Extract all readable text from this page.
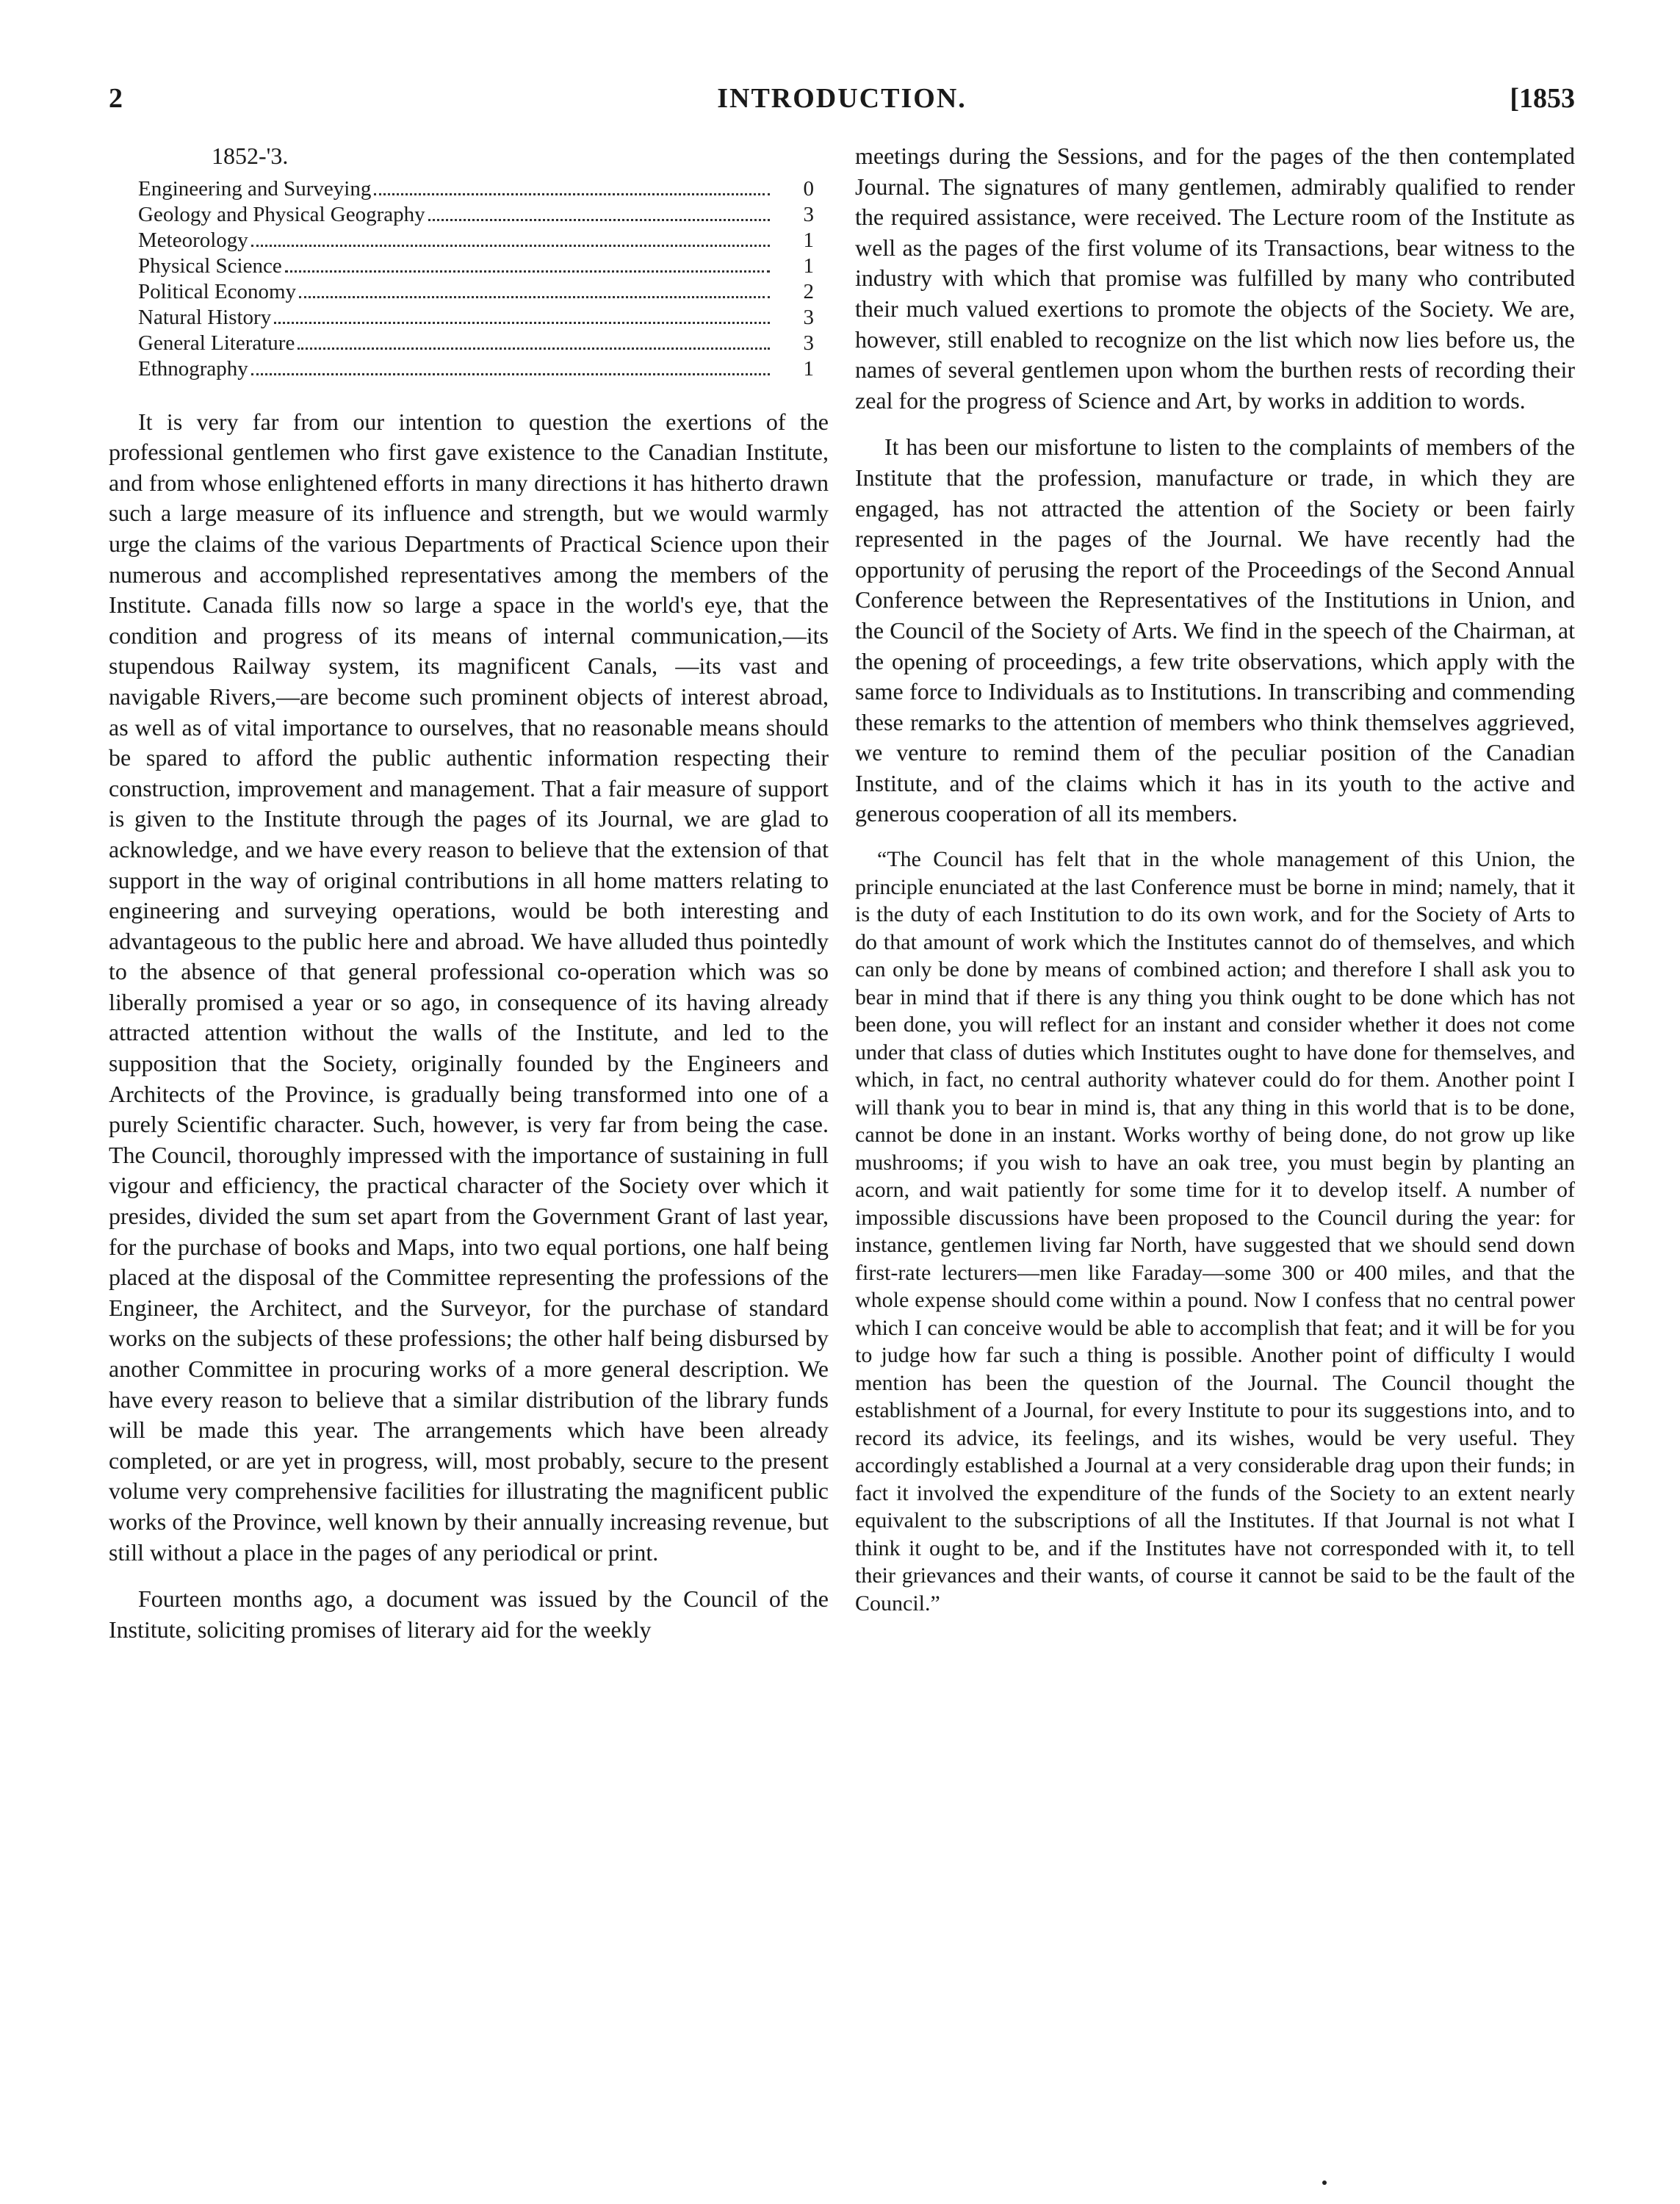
2	INTRODUCTION.	[1853
1852-'3.
Engineering and Surveying	0
Geology and Physical Geography	3
Meteorology	1
Physical Science	1
Political Economy	2
Natural History	3
General Literature	3
Ethnography	1

It is very far from our intention to question the exertions of the professional gentlemen who first gave existence to the Canadian Institute, and from whose enlightened efforts in many directions it has hitherto drawn such a large measure of its influence and strength, but we would warmly urge the claims of the various Departments of Practical Science upon their numerous and accomplished representatives among the members of the Institute. Canada fills now so large a space in the world's eye, that the condition and progress of its means of internal communication,—its stupendous Railway system, its magnificent Canals, —its vast and navigable Rivers,—are become such prominent objects of interest abroad, as well as of vital importance to ourselves, that no reasonable means should be spared to afford the public authentic information respecting their construction, improvement and management. That a fair measure of support is given to the Institute through the pages of its Journal, we are glad to acknowledge, and we have every reason to believe that the extension of that support in the way of original contributions in all home matters relating to engineering and surveying operations, would be both interesting and advantageous to the public here and abroad. We have alluded thus pointedly to the absence of that general professional co-operation which was so liberally promised a year or so ago, in consequence of its having already attracted attention without the walls of the Institute, and led to the supposition that the Society, originally founded by the Engineers and Architects of the Province, is gradually being transformed into one of a purely Scientific character. Such, however, is very far from being the case. The Council, thoroughly impressed with the importance of sustaining in full vigour and efficiency, the practical character of the Society over which it presides, divided the sum set apart from the Government Grant of last year, for the purchase of books and Maps, into two equal portions, one half being placed at the disposal of the Committee representing the professions of the Engineer, the Architect, and the Surveyor, for the purchase of standard works on the subjects of these professions; the other half being disbursed by another Committee in procuring works of a more general description. We have every reason to believe that a similar distribution of the library funds will be made this year. The arrangements which have been already completed, or are yet in progress, will, most probably, secure to the present volume very comprehensive facilities for illustrating the magnificent public works of the Province, well known by their annually increasing revenue, but still without a place in the pages of any periodical or print.

Fourteen months ago, a document was issued by the Council of the Institute, soliciting promises of literary aid for the weekly

meetings during the Sessions, and for the pages of the then contemplated Journal. The signatures of many gentlemen, admirably qualified to render the required assistance, were received. The Lecture room of the Institute as well as the pages of the first volume of its Transactions, bear witness to the industry with which that promise was fulfilled by many who contributed their much valued exertions to promote the objects of the Society. We are, however, still enabled to recognize on the list which now lies before us, the names of several gentlemen upon whom the burthen rests of recording their zeal for the progress of Science and Art, by works in addition to words.

It has been our misfortune to listen to the complaints of members of the Institute that the profession, manufacture or trade, in which they are engaged, has not attracted the attention of the Society or been fairly represented in the pages of the Journal. We have recently had the opportunity of perusing the report of the Proceedings of the Second Annual Conference between the Representatives of the Institutions in Union, and the Council of the Society of Arts. We find in the speech of the Chairman, at the opening of proceedings, a few trite observations, which apply with the same force to Individuals as to Institutions. In transcribing and commending these remarks to the attention of members who think themselves aggrieved, we venture to remind them of the peculiar position of the Canadian Institute, and of the claims which it has in its youth to the active and generous cooperation of all its members.

“The Council has felt that in the whole management of this Union, the principle enunciated at the last Conference must be borne in mind; namely, that it is the duty of each Institution to do its own work, and for the Society of Arts to do that amount of work which the Institutes cannot do of themselves, and which can only be done by means of combined action; and therefore I shall ask you to bear in mind that if there is any thing you think ought to be done which has not been done, you will reflect for an instant and consider whether it does not come under that class of duties which Institutes ought to have done for themselves, and which, in fact, no central authority whatever could do for them. Another point I will thank you to bear in mind is, that any thing in this world that is to be done, cannot be done in an instant. Works worthy of being done, do not grow up like mushrooms; if you wish to have an oak tree, you must begin by planting an acorn, and wait patiently for some time for it to develop itself. A number of impossible discussions have been proposed to the Council during the year: for instance, gentlemen living far North, have suggested that we should send down first-rate lecturers—men like Faraday—some 300 or 400 miles, and that the whole expense should come within a pound. Now I confess that no central power which I can conceive would be able to accomplish that feat; and it will be for you to judge how far such a thing is possible. Another point of difficulty I would mention has been the question of the Journal. The Council thought the establishment of a Journal, for every Institute to pour its suggestions into, and to record its advice, its feelings, and its wishes, would be very useful. They accordingly established a Journal at a very considerable drag upon their funds; in fact it involved the expenditure of the funds of the Society to an extent nearly equivalent to the subscriptions of all the Institutes. If that Journal is not what I think it ought to be, and if the Institutes have not corresponded with it, to tell their grievances and their wants, of course it cannot be said to be the fault of the Council.”
